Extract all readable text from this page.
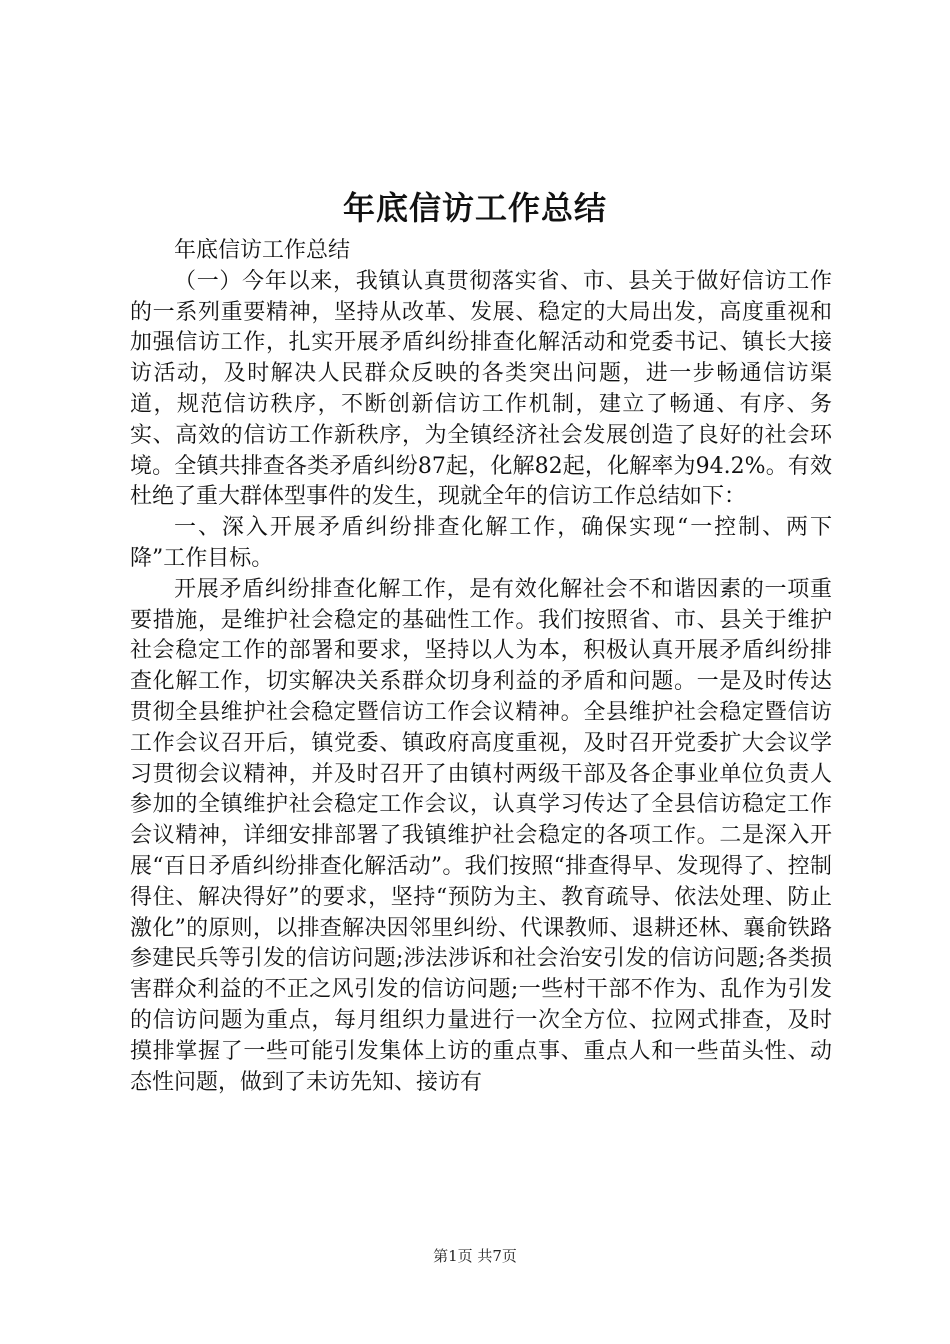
年底信访工作总结

年底信访工作总结

（一）今年以来，我镇认真贯彻落实省、市、县关于做好信访工作的一系列重要精神，坚持从改革、发展、稳定的大局出发，高度重视和加强信访工作，扎实开展矛盾纠纷排查化解活动和党委书记、镇长大接访活动，及时解决人民群众反映的各类突出问题，进一步畅通信访渠道，规范信访秩序，不断创新信访工作机制，建立了畅通、有序、务实、高效的信访工作新秩序，为全镇经济社会发展创造了良好的社会环境。全镇共排查各类矛盾纠纷87起，化解82起，化解率为94.2%。有效杜绝了重大群体型事件的发生，现就全年的信访工作总结如下：

一、深入开展矛盾纠纷排查化解工作，确保实现“一控制、两下降”工作目标。

开展矛盾纠纷排查化解工作，是有效化解社会不和谐因素的一项重要措施，是维护社会稳定的基础性工作。我们按照省、市、县关于维护社会稳定工作的部署和要求，坚持以人为本，积极认真开展矛盾纠纷排查化解工作，切实解决关系群众切身利益的矛盾和问题。一是及时传达贯彻全县维护社会稳定暨信访工作会议精神。全县维护社会稳定暨信访工作会议召开后，镇党委、镇政府高度重视，及时召开党委扩大会议学习贯彻会议精神，并及时召开了由镇村两级干部及各企事业单位负责人参加的全镇维护社会稳定工作会议，认真学习传达了全县信访稳定工作会议精神，详细安排部署了我镇维护社会稳定的各项工作。二是深入开展“百日矛盾纠纷排查化解活动”。我们按照“排查得早、发现得了、控制得住、解决得好”的要求，坚持“预防为主、教育疏导、依法处理、防止激化”的原则，以排查解决因邻里纠纷、代课教师、退耕还林、襄俞铁路参建民兵等引发的信访问题;涉法涉诉和社会治安引发的信访问题;各类损害群众利益的不正之风引发的信访问题;一些村干部不作为、乱作为引发的信访问题为重点，每月组织力量进行一次全方位、拉网式排查，及时摸排掌握了一些可能引发集体上访的重点事、重点人和一些苗头性、动态性问题，做到了未访先知、接访有

第1页 共7页
